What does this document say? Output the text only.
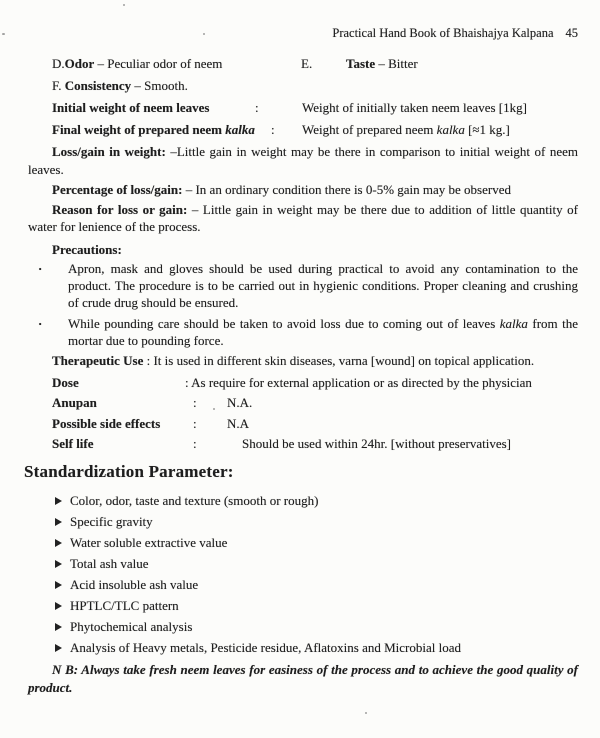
Practical Hand Book of Bhaishajya Kalpana 45
D.Odor – Peculiar odor of neem	E.	Taste – Bitter
F. Consistency – Smooth.
Initial weight of neem leaves	:	Weight of initially taken neem leaves [1kg]
Final weight of prepared neem kalka : Weight of prepared neem kalka [≈1 kg.]

Loss/gain in weight: –Little gain in weight may be there in comparison to initial weight of neem leaves.

Percentage of loss/gain: – In an ordinary condition there is 0-5% gain may be observed

Reason for loss or gain: – Little gain in weight may be there due to addition of little quantity of water for lenience of the process.

Precautions:
· Apron, mask and gloves should be used during practical to avoid any contamination to the product. The procedure is to be carried out in hygienic conditions. Proper cleaning and crushing of crude drug should be ensured.
· While pounding care should be taken to avoid loss due to coming out of leaves kalka from the mortar due to pounding force.
Therapeutic Use : It is used in different skin diseases, varna [wound] on topical application.
Dose	: As require for external application or as directed by the physician
Anupan	: N.A.
Possible side effects	: N.A
Self life	:	Should be used within 24hr. [without preservatives]
Standardization Parameter:
Color, odor, taste and texture (smooth or rough)
Specific gravity
Water soluble extractive value
Total ash value
Acid insoluble ash value
HPTLC/TLC pattern
Phytochemical analysis
Analysis of Heavy metals, Pesticide residue, Aflatoxins and Microbial load

N B: Always take fresh neem leaves for easiness of the process and to achieve the good quality of product.
